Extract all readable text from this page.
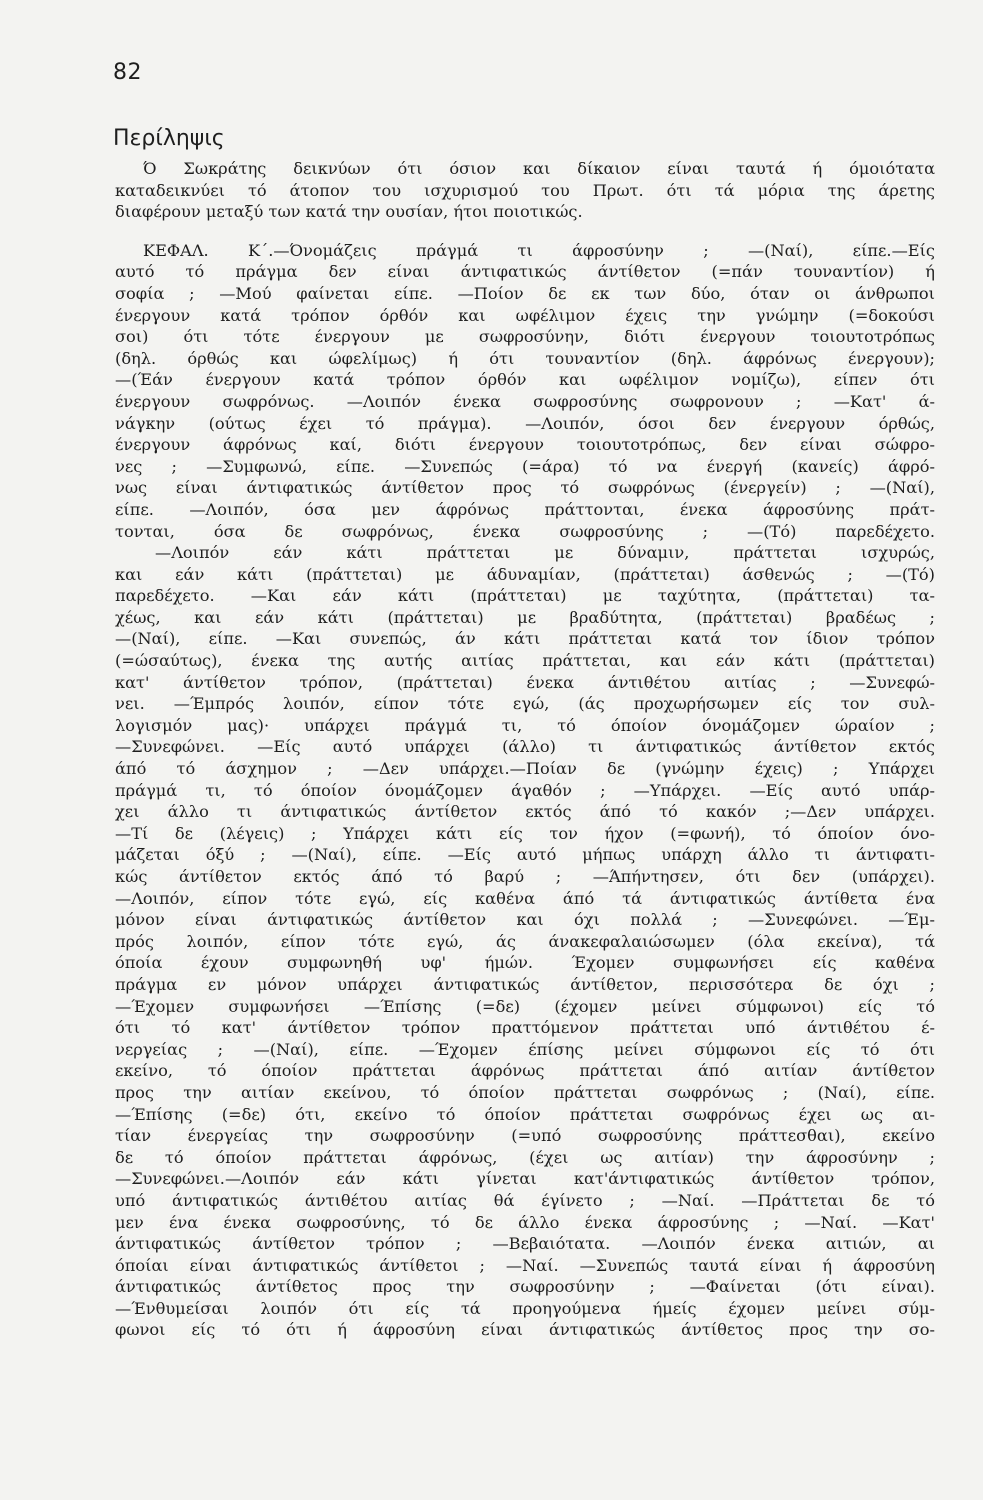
82
Περίληψις
Ό Σωκράτης δεικνύων ότι όσιον και δίκαιον είναι ταυτά ή όμοιότατα
καταδεικνύει τό άτοπον του ισχυρισμού του Πρωτ. ότι τά μόρια της άρετης
διαφέρουν μεταξύ των κατά την ουσίαν, ήτοι ποιοτικώς.
ΚΕΦΑΛ. Κ΄.—Όνομάζεις πράγμά τι άφροσύνην ; —(Ναί), είπε.—Είς
αυτό τό πράγμα δεν είναι άντιφατικώς άντίθετον (=πάν τουναντίον) ή
σοφία ; —Μού φαίνεται είπε. —Ποίον δε εκ των δύο, όταν οι άνθρωποι
ένεργουν κατά τρόπον όρθόν και ωφέλιμον έχεις την γνώμην (=δοκούσι
σοι) ότι τότε ένεργουν με σωφροσύνην, διότι ένεργουν τοιουτοτρόπως
(δηλ. όρθώς και ώφελίμως) ή ότι τουναντίον (δηλ. άφρόνως ένεργουν);
—(Έάν ένεργουν κατά τρόπον όρθόν και ωφέλιμον νομίζω), είπεν ότι
ένεργουν σωφρόνως. —Λοιπόν ένεκα σωφροσύνης σωφρονουν ; —Κατ' ά-
νάγκην (ούτως έχει τό πράγμα). —Λοιπόν, όσοι δεν ένεργουν όρθώς,
ένεργουν άφρόνως καί, διότι ένεργουν τοιουτοτρόπως, δεν είναι σώφρο-
νες ; —Συμφωνώ, είπε. —Συνεπώς (=άρα) τό να ένεργή (κανείς) άφρό-
νως είναι άντιφατικώς άντίθετον προς τό σωφρόνως (ένεργείν) ; —(Ναί),
είπε. —Λοιπόν, όσα μεν άφρόνως πράττονται, ένεκα άφροσύνης πράτ-
τονται, όσα δε σωφρόνως, ένεκα σωφροσύνης ; —(Τό) παρεδέχετο.
—Λοιπόν εάν κάτι πράττεται με δύναμιν, πράττεται ισχυρώς,
και εάν κάτι (πράττεται) με άδυναμίαν, (πράττεται) άσθενώς ; —(Τό)
παρεδέχετο. —Και εάν κάτι (πράττεται) με ταχύτητα, (πράττεται) τα-
χέως, και εάν κάτι (πράττεται) με βραδύτητα, (πράττεται) βραδέως ;
—(Ναί), είπε. —Και συνεπώς, άν κάτι πράττεται κατά τον ίδιον τρόπον
(=ώσαύτως), ένεκα της αυτής αιτίας πράττεται, και εάν κάτι (πράττεται)
κατ' άντίθετον τρόπον, (πράττεται) ένεκα άντιθέτου αιτίας ; —Συνεφώ-
νει. —Έμπρός λοιπόν, είπον τότε εγώ, (άς προχωρήσωμεν είς τον συλ-
λογισμόν μας)· υπάρχει πράγμά τι, τό όποίον όνομάζομεν ώραίον ;
—Συνεφώνει. —Είς αυτό υπάρχει (άλλο) τι άντιφατικώς άντίθετον εκτός
άπό τό άσχημον ; —Δεν υπάρχει.—Ποίαν δε (γνώμην έχεις) ; Υπάρχει
πράγμά τι, τό όποίον όνομάζομεν άγαθόν ; —Υπάρχει. —Είς αυτό υπάρ-
χει άλλο τι άντιφατικώς άντίθετον εκτός άπό τό κακόν ;—Δεν υπάρχει.
—Τί δε (λέγεις) ; Υπάρχει κάτι είς τον ήχον (=φωνή), τό όποίον όνο-
μάζεται όξύ ; —(Ναί), είπε. —Είς αυτό μήπως υπάρχη άλλο τι άντιφατι-
κώς άντίθετον εκτός άπό τό βαρύ ; —Άπήντησεν, ότι δεν (υπάρχει).
—Λοιπόν, είπον τότε εγώ, είς καθένα άπό τά άντιφατικώς άντίθετα ένα
μόνον είναι άντιφατικώς άντίθετον και όχι πολλά ; —Συνεφώνει. —Έμ-
πρός λοιπόν, είπον τότε εγώ, άς άνακεφαλαιώσωμεν (όλα εκείνα), τά
όποία έχουν συμφωνηθή υφ' ήμών. Έχομεν συμφωνήσει είς καθένα
πράγμα εν μόνον υπάρχει άντιφατικώς άντίθετον, περισσότερα δε όχι ;
—Έχομεν συμφωνήσει —Έπίσης (=δε) (έχομεν μείνει σύμφωνοι) είς τό
ότι τό κατ' άντίθετον τρόπον πραττόμενον πράττεται υπό άντιθέτου έ-
νεργείας ; —(Ναί), είπε. —Έχομεν έπίσης μείνει σύμφωνοι είς τό ότι
εκείνο, τό όποίον πράττεται άφρόνως πράττεται άπό αιτίαν άντίθετον
προς την αιτίαν εκείνου, τό όποίον πράττεται σωφρόνως ; (Ναί), είπε.
—Έπίσης (=δε) ότι, εκείνο τό όποίον πράττεται σωφρόνως έχει ως αι-
τίαν ένεργείας την σωφροσύνην (=υπό σωφροσύνης πράττεσθαι), εκείνο
δε τό όποίον πράττεται άφρόνως, (έχει ως αιτίαν) την άφροσύνην ;
—Συνεφώνει.—Λοιπόν εάν κάτι γίνεται κατ'άντιφατικώς άντίθετον τρόπον,
υπό άντιφατικώς άντιθέτου αιτίας θά έγίνετο ; —Ναί. —Πράττεται δε τό
μεν ένα ένεκα σωφροσύνης, τό δε άλλο ένεκα άφροσύνης ; —Ναί. —Κατ'
άντιφατικώς άντίθετον τρόπον ; —Βεβαιότατα. —Λοιπόν ένεκα αιτιών, αι
όποίαι είναι άντιφατικώς άντίθετοι ; —Ναί. —Συνεπώς ταυτά είναι ή άφροσύνη
άντιφατικώς άντίθετος προς την σωφροσύνην ; —Φαίνεται (ότι είναι).
—Ένθυμείσαι λοιπόν ότι είς τά προηγούμενα ήμείς έχομεν μείνει σύμ-
φωνοι είς τό ότι ή άφροσύνη είναι άντιφατικώς άντίθετος προς την σο-
